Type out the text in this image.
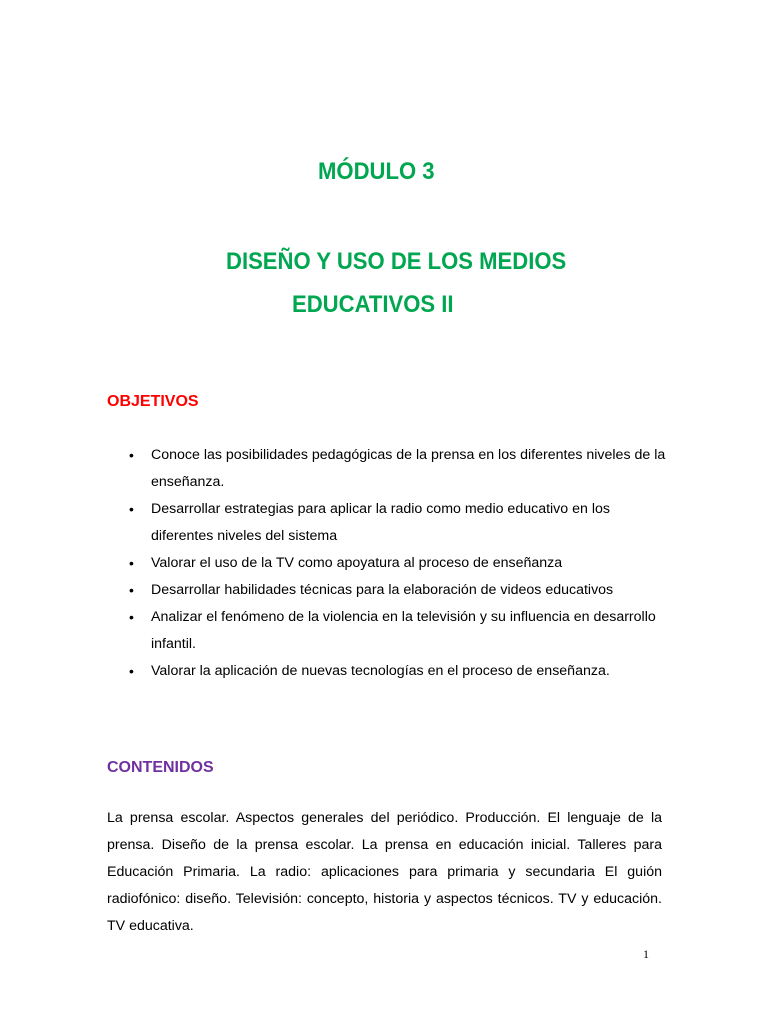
MÓDULO 3
DISEÑO Y USO DE LOS MEDIOS
EDUCATIVOS II
OBJETIVOS
• Conoce las posibilidades pedagógicas de la prensa en los diferentes niveles de la enseñanza.
• Desarrollar estrategias para aplicar la radio como medio educativo en los diferentes niveles del sistema
• Valorar el uso de la TV como apoyatura al proceso de enseñanza
• Desarrollar habilidades técnicas para la elaboración de videos educativos
• Analizar el fenómeno de la violencia en la televisión y su influencia en desarrollo infantil.
• Valorar la aplicación de nuevas tecnologías en el proceso de enseñanza.
CONTENIDOS

La prensa escolar. Aspectos generales del periódico. Producción. El lenguaje de la prensa. Diseño de la prensa escolar. La prensa en educación inicial. Talleres para Educación Primaria. La radio: aplicaciones para primaria y secundaria El guión radiofónico: diseño. Televisión: concepto, historia y aspectos técnicos. TV y educación. TV educativa.

1
